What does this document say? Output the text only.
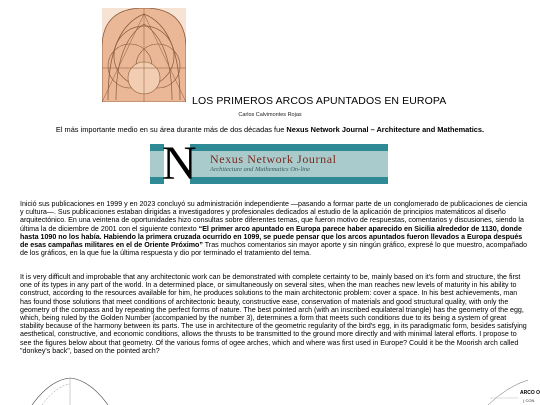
LOS PRIMEROS ARCOS APUNTADOS EN EUROPA
Carlos Calvimontes Rojas
El más importante medio en su área durante más de dos décadas fue Nexus Network Journal – Architecture and Mathematics.
N Nexus Network Journal
Architecture and Mathematics On-line
Inició sus publicaciones en 1999 y en 2023 concluyó su administración independiente —pasando a formar parte de un conglomerado de publicaciones de ciencia y cultura—. Sus publicaciones estaban dirigidas a investigadores y profesionales dedicados al estudio de la aplicación de principios matemáticos al diseño arquitectónico. En una veintena de oportunidades hizo consultas sobre diferentes temas, que fueron motivo de respuestas, comentarios y discusiones, siendo la última la de diciembre de 2001 con el siguiente contexto “El primer arco apuntado en Europa parece haber aparecido en Sicilia alrededor de 1130, donde hasta 1090 no los había. Habiendo la primera cruzada ocurrido en 1099, se puede pensar que los arcos apuntados fueron llevados a Europa después de esas campañas militares en el de Oriente Próximo” Tras muchos comentarios sin mayor aporte y sin ningún gráfico, expresé lo que muestro, acompañado de los gráficos, en la que fue la última respuesta y dio por terminado el tratamiento del tema.
It is very difficult and improbable that any architectonic work can be demonstrated with complete certainty to be, mainly based on it's form and structure, the first one of its types in any part of the world. In a determined place, or simultaneously on several sites, when the man reaches new levels of maturity in his ability to construct, according to the resources available for him, he produces solutions to the main architectonic problem: cover a space. In his best achievements, man has found those solutions that meet conditions of architectonic beauty, constructive ease, conservation of materials and good structural quality, with only the geometry of the compass and by repeating the perfect forms of nature. The best pointed arch (with an inscribed equilateral triangle) has the geometry of the egg, which, being ruled by the Golden Number (accompanied by the number 3), determines a form that meets such conditions due to its being a system of great stability because of the harmony between its parts. The use in architecture of the geometric regularity of the bird's egg, in its paradigmatic form, besides satisfying aesthetical, constructive, and economic conditions, allows the thrusts to be transmitted to the ground more directly and with minimal lateral efforts. I propose to see the figures below about that geometry. Of the various forms of ogee arches, which and where was first used in Europe? Could it be the Moorish arch called "donkey's back", based on the pointed arch?
ARCO O
( CON
